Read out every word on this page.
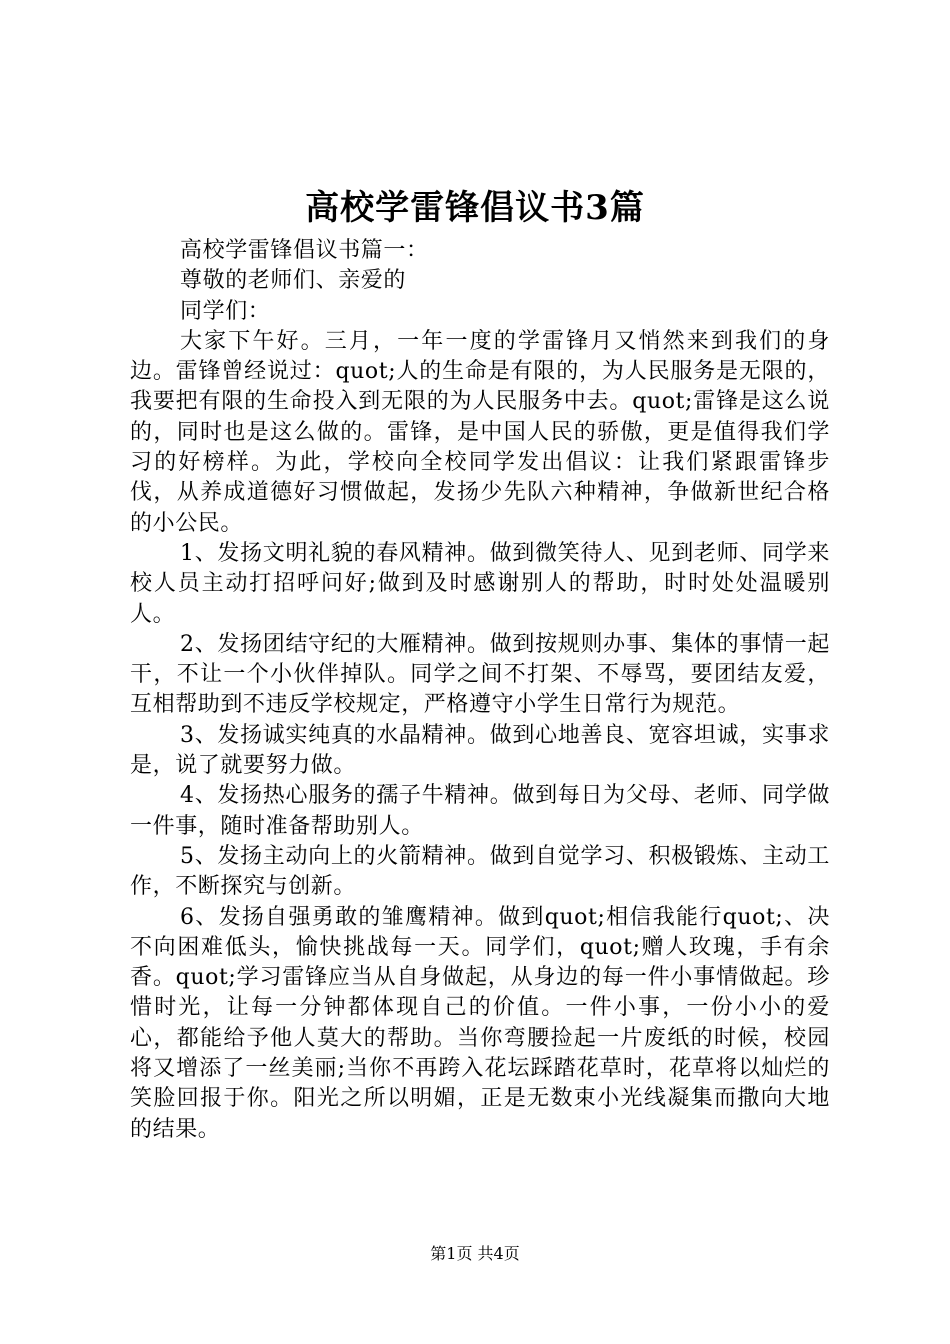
高校学雷锋倡议书3篇

高校学雷锋倡议书篇一：

尊敬的老师们、亲爱的

同学们：

大家下午好。三月，一年一度的学雷锋月又悄然来到我们的身边。雷锋曾经说过：quot;人的生命是有限的，为人民服务是无限的，我要把有限的生命投入到无限的为人民服务中去。quot;雷锋是这么说的，同时也是这么做的。雷锋，是中国人民的骄傲，更是值得我们学习的好榜样。为此，学校向全校同学发出倡议：让我们紧跟雷锋步伐，从养成道德好习惯做起，发扬少先队六种精神，争做新世纪合格的小公民。

1、发扬文明礼貌的春风精神。做到微笑待人、见到老师、同学来校人员主动打招呼问好;做到及时感谢别人的帮助，时时处处温暖别人。

2、发扬团结守纪的大雁精神。做到按规则办事、集体的事情一起干，不让一个小伙伴掉队。同学之间不打架、不辱骂，要团结友爱，互相帮助到不违反学校规定，严格遵守小学生日常行为规范。

3、发扬诚实纯真的水晶精神。做到心地善良、宽容坦诚，实事求是，说了就要努力做。

4、发扬热心服务的孺子牛精神。做到每日为父母、老师、同学做一件事，随时准备帮助别人。

5、发扬主动向上的火箭精神。做到自觉学习、积极锻炼、主动工作，不断探究与创新。

6、发扬自强勇敢的雏鹰精神。做到quot;相信我能行quot;、决不向困难低头，愉快挑战每一天。同学们，quot;赠人玫瑰，手有余香。quot;学习雷锋应当从自身做起，从身边的每一件小事情做起。珍惜时光，让每一分钟都体现自己的价值。一件小事，一份小小的爱心，都能给予他人莫大的帮助。当你弯腰捡起一片废纸的时候，校园将又增添了一丝美丽;当你不再跨入花坛踩踏花草时，花草将以灿烂的笑脸回报于你。阳光之所以明媚，正是无数束小光线凝集而撒向大地的结果。

第1页 共4页
